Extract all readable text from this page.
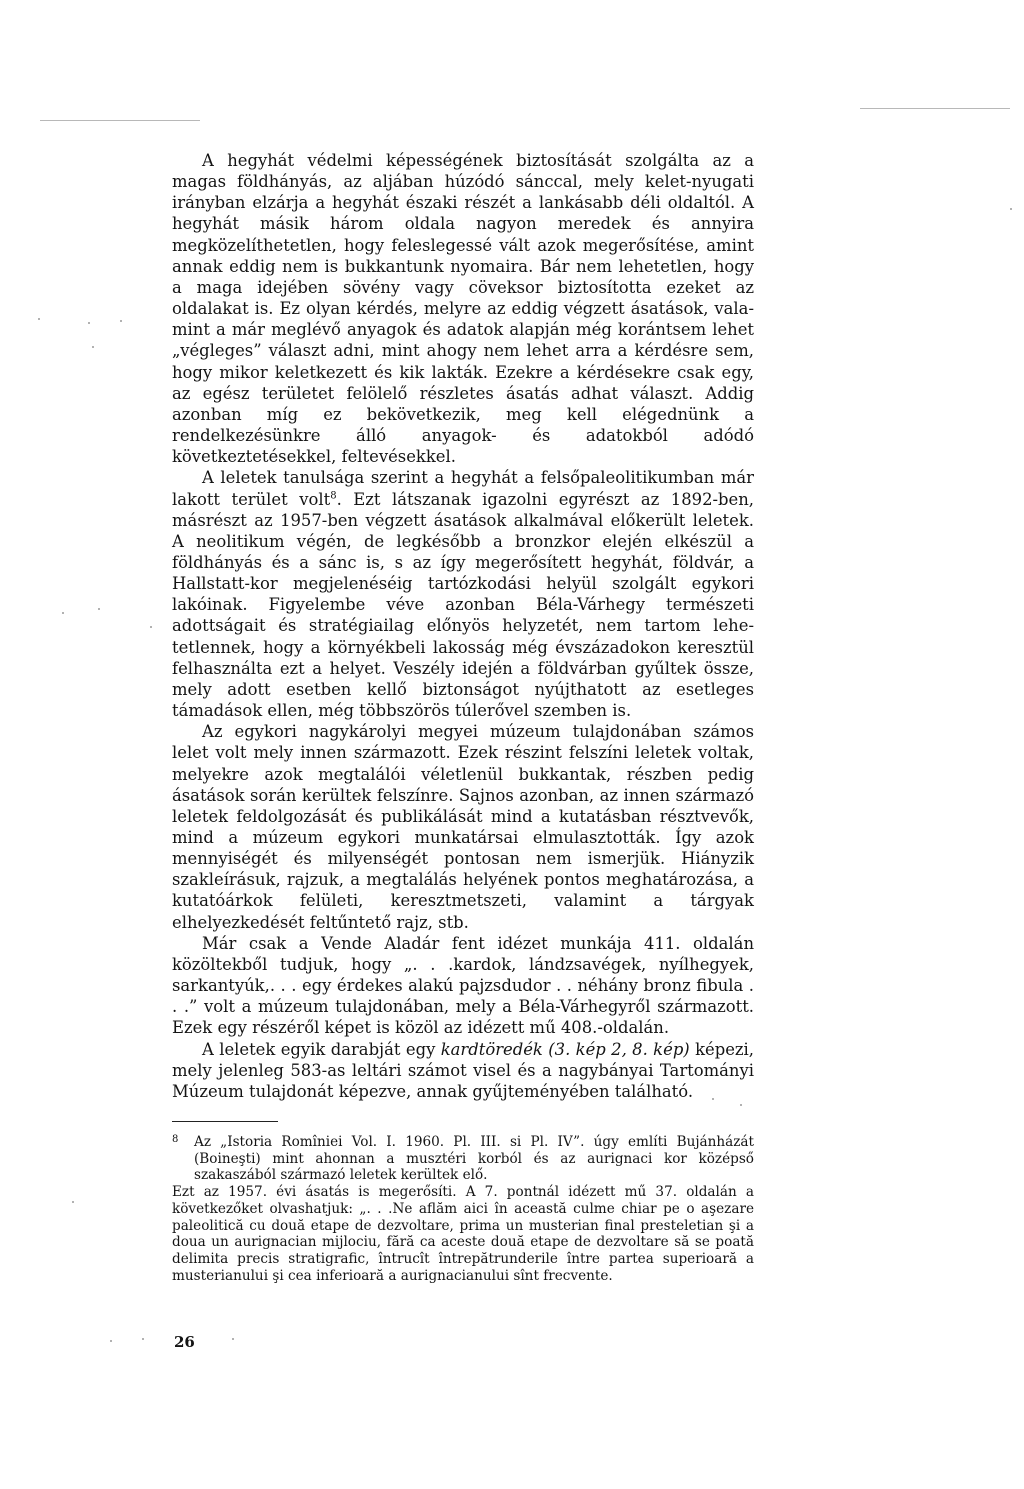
A hegyhát védelmi képességének biztosítását szolgálta az a magas földhányás, az aljában húzódó sánccal, mely kelet-nyugati irányban elzárja a hegyhát északi részét a lankásabb déli oldaltól. A hegyhát másik három oldala nagyon meredek és annyira megközelíthetetlen, hogy feleslegessé vált azok megerősítése, amint annak eddig nem is bukkantunk nyomaira. Bár nem lehetetlen, hogy a maga idejében sövény vagy cöveksor biztosította ezeket az oldalakat is. Ez olyan kérdés, melyre az eddig végzett ásatások, valamint a már meglévő anyagok és adatok alapján még korántsem lehet „végleges” választ adni, mint ahogy nem lehet arra a kérdésre sem, hogy mikor keletkezett és kik lakták. Ezekre a kérdésekre csak egy, az egész területet felölelő részletes ásatás adhat választ. Addig azonban míg ez bekövetkezik, meg kell elégednünk a rendelkezésünkre álló anyagok- és adatokból adódó következtetésekkel, feltevésekkel.

A leletek tanulsága szerint a hegyhát a felsőpaleolitikumban már lakott terület volt$^8$. Ezt látszanak igazolni egyrészt az 1892-ben, másrészt az 1957-ben végzett ásatások alkalmával előkerült leletek. A neolitikum végén, de legkésőbb a bronzkor elején elkészül a földhányás és a sánc is, s az így megerősített hegyhát, földvár, a Hallstatt-kor megjelenéséig tartózkodási helyül szolgált egykori lakóinak. Figyelembe véve azonban Béla-Várhegy természeti adottságait és stratégiailag előnyös helyzetét, nem tartom lehetetlennek, hogy a környékbeli lakosság még évszázadokon keresztül felhasználta ezt a helyet. Veszély idején a földvárban gyűltek össze, mely adott esetben kellő biztonságot nyújthatott az esetleges támadások ellen, még többszörös túlerővel szemben is.

Az egykori nagykárolyi megyei múzeum tulajdonában számos lelet volt mely innen származott. Ezek részint felszíni leletek voltak, melyekre azok megtalálói véletlenül bukkantak, részben pedig ásatások során kerültek felszínre. Sajnos azonban, az innen származó leletek feldolgozását és publikálását mind a kutatásban résztvevők, mind a múzeum egykori munkatársai elmulasztották. Így azok mennyiségét és milyenségét pontosan nem ismerjük. Hiányzik szakleírásuk, rajzuk, a megtalálás helyének pontos meghatározása, a kutatóárkok felületi, keresztmetszeti, valamint a tárgyak elhelyezkedését feltűntető rajz, stb.

Már csak a Vende Aladár fent idézet munkája 411. oldalán közöltekből tudjuk, hogy „. . .kardok, lándzsavégek, nyílhegyek, sarkantyúk,. . . egy érdekes alakú pajzsdudor . . néhány bronz fibula . . .” volt a múzeum tulajdonában, mely a Béla-Várhegyről származott. Ezek egy részéről képet is közöl az idézett mű 408.-oldalán.

A leletek egyik darabját egy kardtöredék (3. kép 2, 8. kép) képezi, mely jelenleg 583-as leltári számot visel és a nagybányai Tartományi Múzeum tulajdonát képezve, annak gyűjteményében található.

8 Az „Istoria Romîniei Vol. I. 1960. Pl. III. si Pl. IV”. úgy említi Bujánházát (Boineşti) mint ahonnan a musztéri korból és az aurignaci kor középső szakaszából származó leletek kerültek elő.

Ezt az 1957. évi ásatás is megerősíti. A 7. pontnál idézett mű 37. oldalán a következőket olvashatjuk: „. . .Ne aflăm aici în această culme chiar pe o aşezare paleolitică cu două etape de dezvoltare, prima un musterian final presteletian şi a doua un aurignacian mijlociu, fără ca aceste două etape de dezvoltare să se poată delimita precis stratigrafic, întrucît întrepătrunderile între partea superioară a musterianului şi cea inferioară a aurignacianului sînt frecvente.

26
